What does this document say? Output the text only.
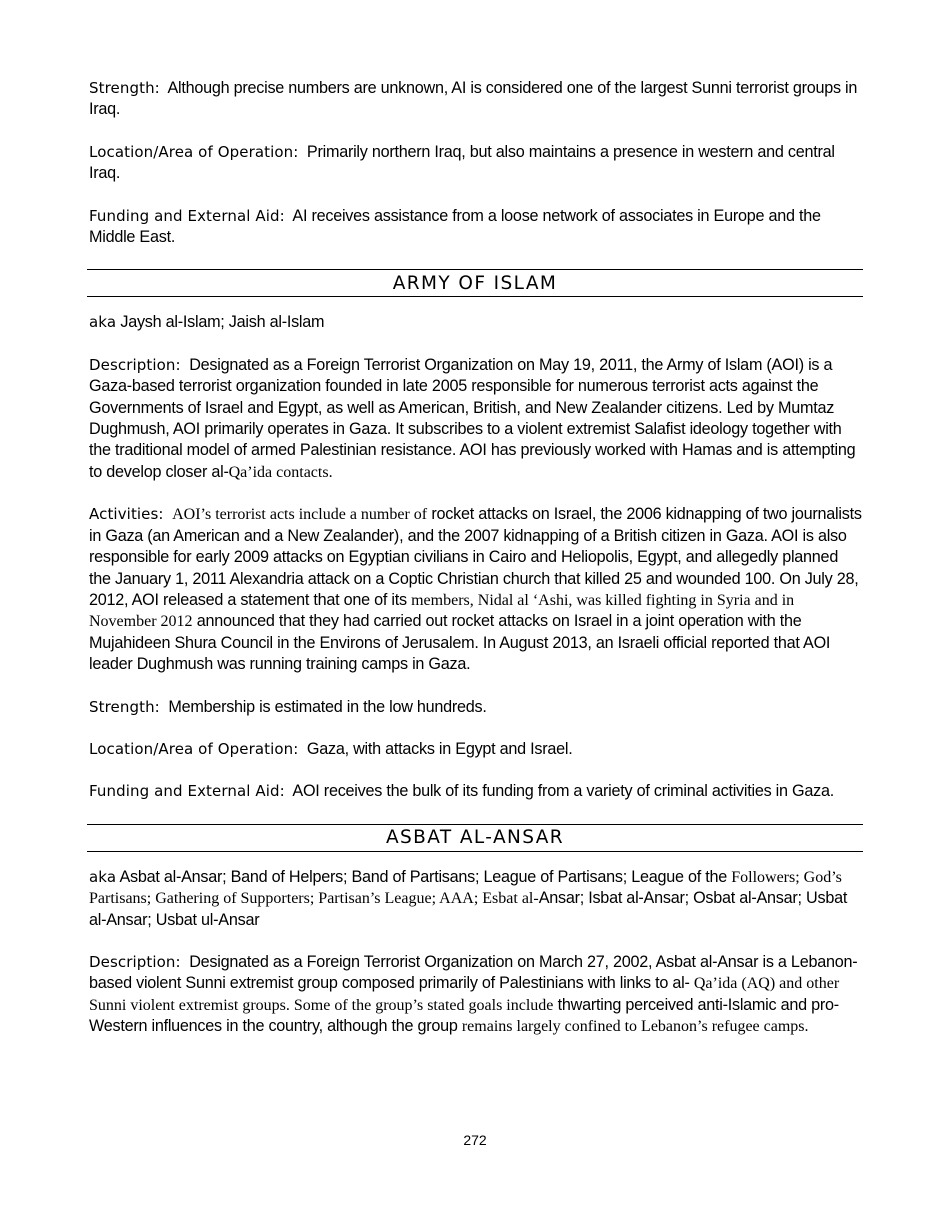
Strength: Although precise numbers are unknown, AI is considered one of the largest Sunni terrorist groups in Iraq.

Location/Area of Operation: Primarily northern Iraq, but also maintains a presence in western and central Iraq.

Funding and External Aid: AI receives assistance from a loose network of associates in Europe and the Middle East.

ARMY OF ISLAM

aka Jaysh al-Islam; Jaish al-Islam

Description: Designated as a Foreign Terrorist Organization on May 19, 2011, the Army of Islam (AOI) is a Gaza-based terrorist organization founded in late 2005 responsible for numerous terrorist acts against the Governments of Israel and Egypt, as well as American, British, and New Zealander citizens. Led by Mumtaz Dughmush, AOI primarily operates in Gaza. It subscribes to a violent extremist Salafist ideology together with the traditional model of armed Palestinian resistance. AOI has previously worked with Hamas and is attempting to develop closer al-Qa’ida contacts.

Activities: AOI’s terrorist acts include a number of rocket attacks on Israel, the 2006 kidnapping of two journalists in Gaza (an American and a New Zealander), and the 2007 kidnapping of a British citizen in Gaza. AOI is also responsible for early 2009 attacks on Egyptian civilians in Cairo and Heliopolis, Egypt, and allegedly planned the January 1, 2011 Alexandria attack on a Coptic Christian church that killed 25 and wounded 100. On July 28, 2012, AOI released a statement that one of its members, Nidal al ‘Ashi, was killed fighting in Syria and in November 2012 announced that they had carried out rocket attacks on Israel in a joint operation with the Mujahideen Shura Council in the Environs of Jerusalem. In August 2013, an Israeli official reported that AOI leader Dughmush was running training camps in Gaza.

Strength: Membership is estimated in the low hundreds.

Location/Area of Operation: Gaza, with attacks in Egypt and Israel.

Funding and External Aid: AOI receives the bulk of its funding from a variety of criminal activities in Gaza.

ASBAT AL-ANSAR

aka Asbat al-Ansar; Band of Helpers; Band of Partisans; League of Partisans; League of the Followers; God’s Partisans; Gathering of Supporters; Partisan’s League; AAA; Esbat al-Ansar; Isbat al-Ansar; Osbat al-Ansar; Usbat al-Ansar; Usbat ul-Ansar

Description: Designated as a Foreign Terrorist Organization on March 27, 2002, Asbat al-Ansar is a Lebanon-based violent Sunni extremist group composed primarily of Palestinians with links to al- Qa’ida (AQ) and other Sunni violent extremist groups. Some of the group’s stated goals include thwarting perceived anti-Islamic and pro-Western influences in the country, although the group remains largely confined to Lebanon’s refugee camps.

272
